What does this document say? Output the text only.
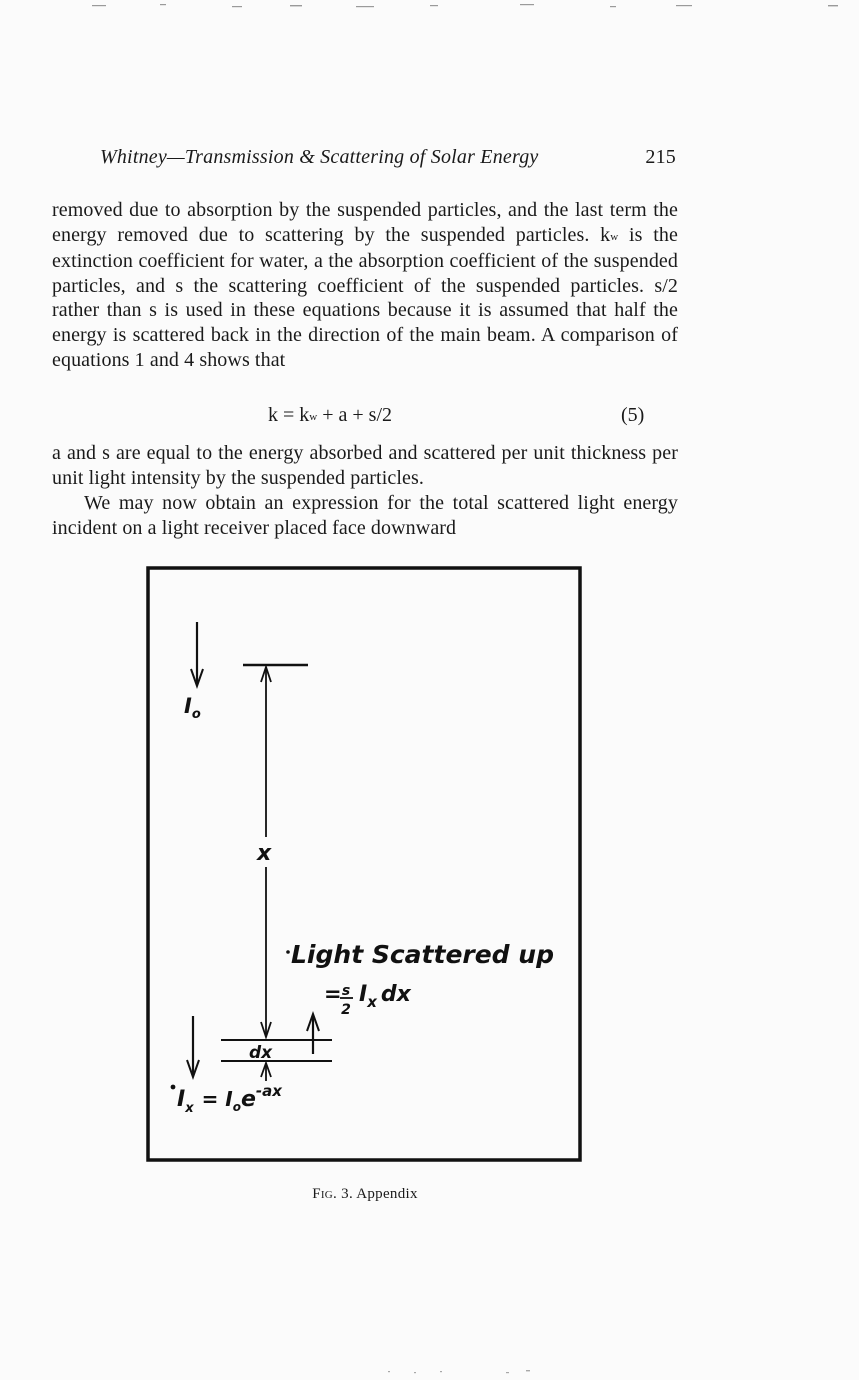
Whitney—Transmission & Scattering of Solar Energy	215

removed due to absorption by the suspended particles, and the last term the energy removed due to scattering by the suspended particles. kw is the extinction coefficient for water, a the absorption coefficient of the suspended particles, and s the scattering coefficient of the suspended particles. s/2 rather than s is used in these equations because it is assumed that half the energy is scattered back in the direction of the main beam. A comparison of equations 1 and 4 shows that

k = kw + a + s/2	(5)

a and s are equal to the energy absorbed and scattered per unit thickness per unit light intensity by the suspended particles.

We may now obtain an expression for the total scattered light energy incident on a light receiver placed face downward

$I_o$
x
Light Scattered up
= s
2
$I_x$ dx
dx
$I_x = I_oe^{-ax}$
Fig. 3. Appendix
